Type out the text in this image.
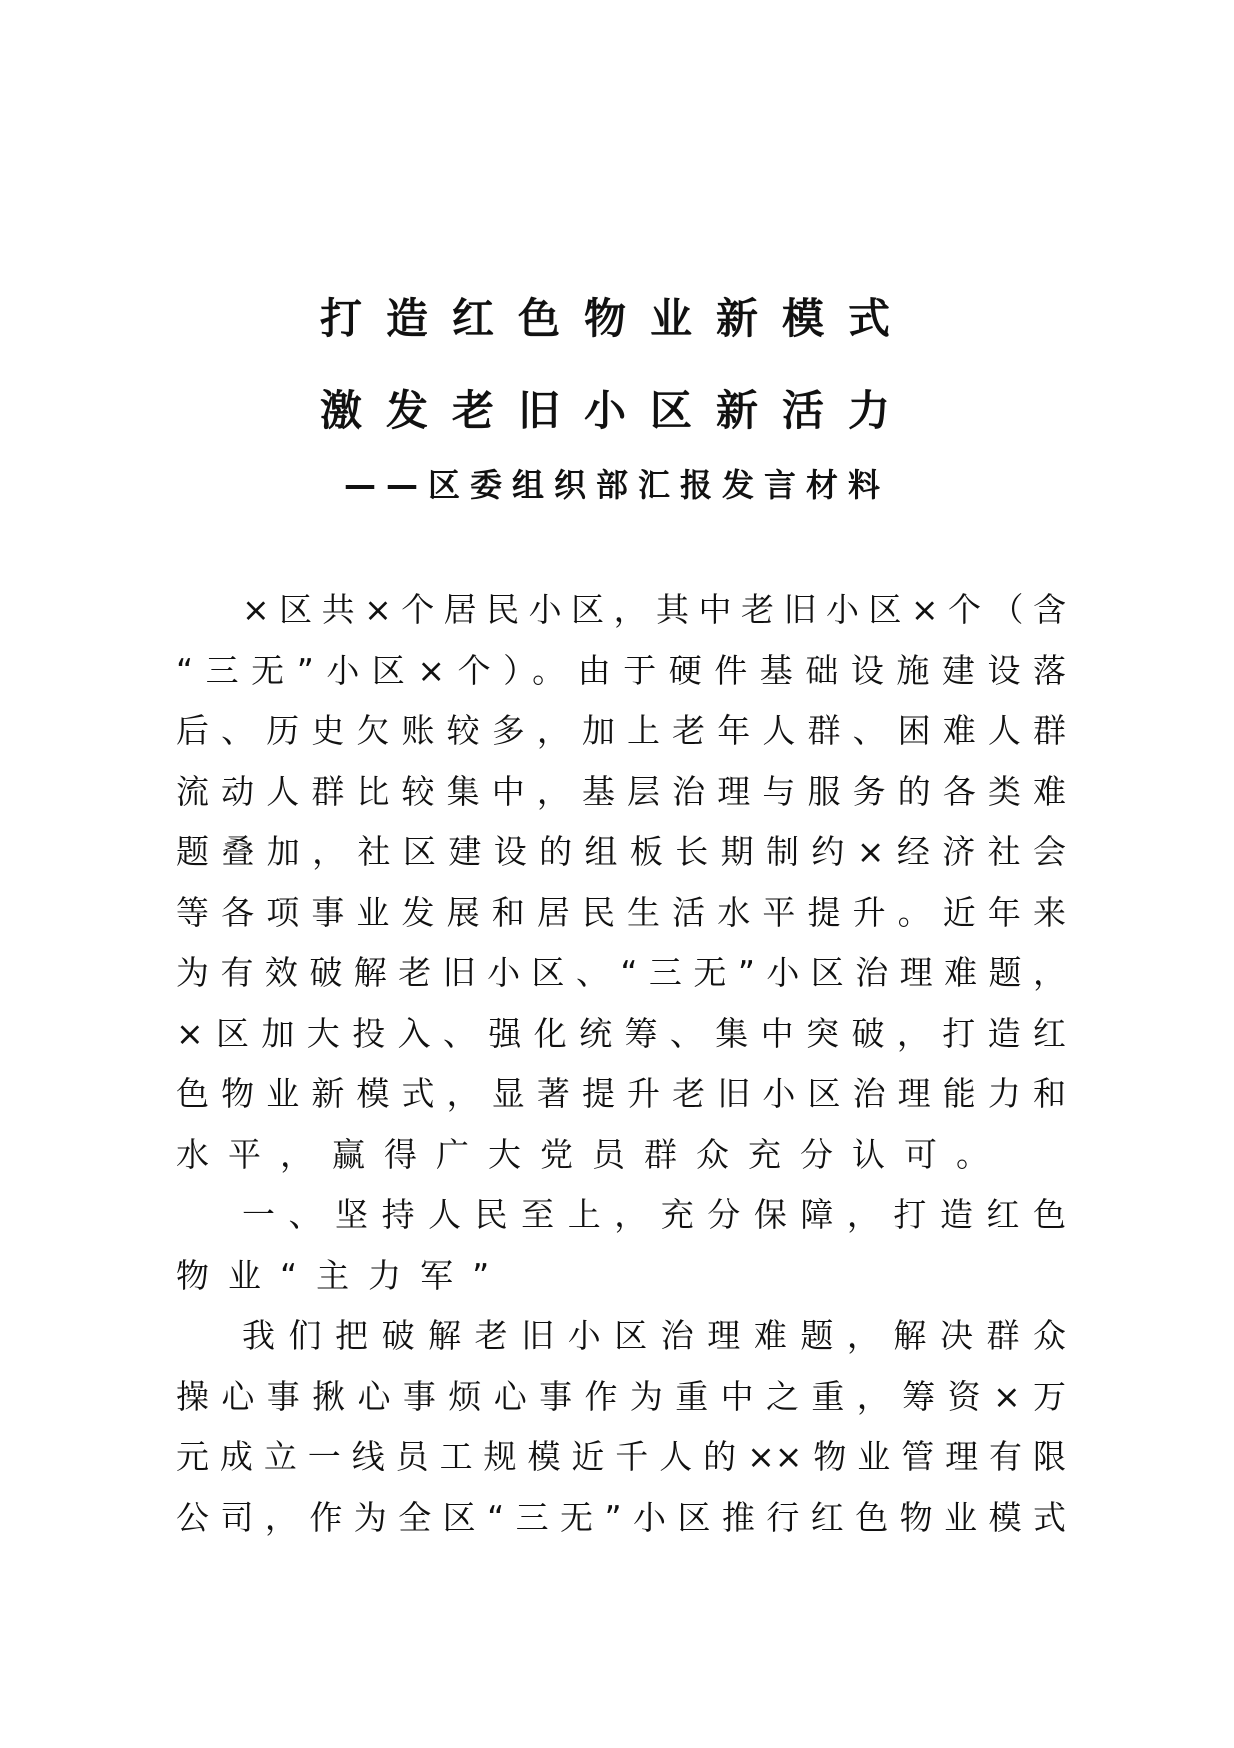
打造红色物业新模式
激发老旧小区新活力
——区委组织部汇报发言材料
×区共×个居民小区，其中老旧小区×个（含
“三无”小区×个）。由于硬件基础设施建设落
后、历史欠账较多，加上老年人群、困难人群
流动人群比较集中，基层治理与服务的各类难
题叠加，社区建设的组板长期制约×经济社会
等各项事业发展和居民生活水平提升。近年来
为有效破解老旧小区、“三无”小区治理难题，
×区加大投入、强化统筹、集中突破，打造红
色物业新模式，显著提升老旧小区治理能力和
水平，赢得广大党员群众充分认可。
一、坚持人民至上，充分保障，打造红色
物业“主力军”
我们把破解老旧小区治理难题，解决群众
操心事揪心事烦心事作为重中之重，筹资×万
元成立一线员工规模近千人的××物业管理有限
公司，作为全区“三无”小区推行红色物业模式
